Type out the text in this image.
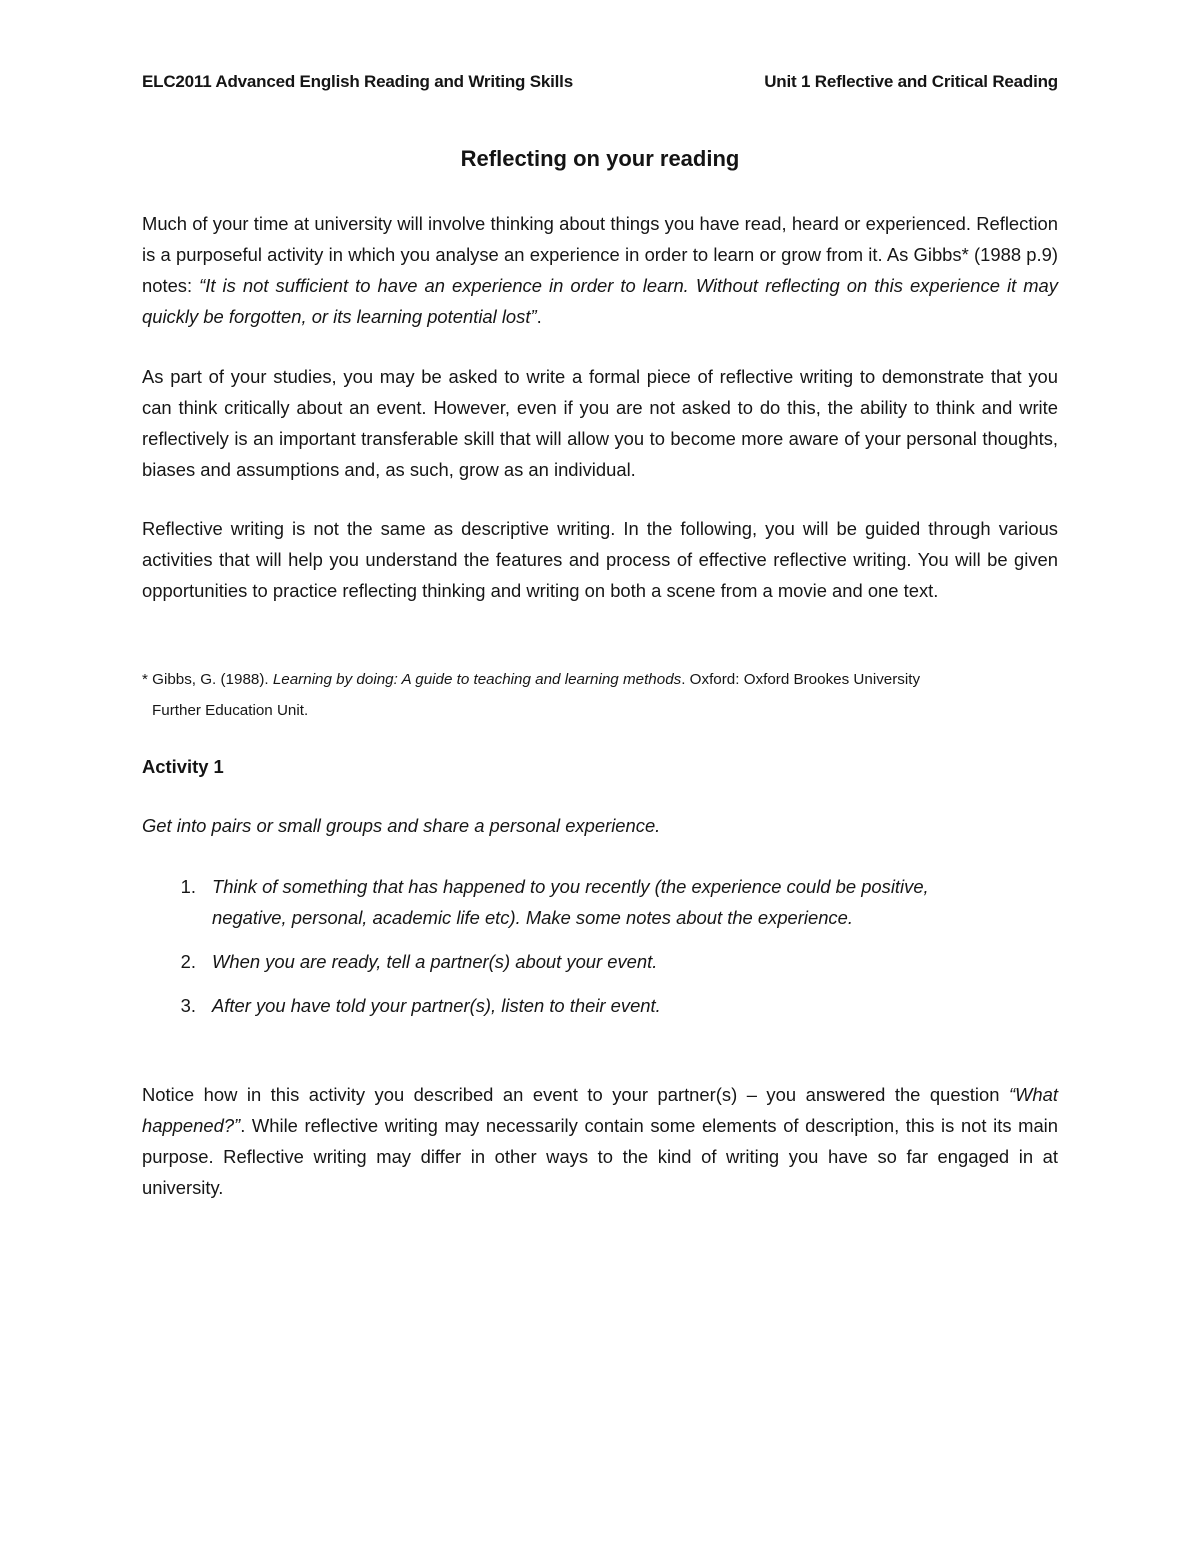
ELC2011 Advanced English Reading and Writing Skills	Unit 1 Reflective and Critical Reading
Reflecting on your reading

Much of your time at university will involve thinking about things you have read, heard or experienced. Reflection is a purposeful activity in which you analyse an experience in order to learn or grow from it. As Gibbs* (1988 p.9) notes: “It is not sufficient to have an experience in order to learn. Without reflecting on this experience it may quickly be forgotten, or its learning potential lost”.

As part of your studies, you may be asked to write a formal piece of reflective writing to demonstrate that you can think critically about an event. However, even if you are not asked to do this, the ability to think and write reflectively is an important transferable skill that will allow you to become more aware of your personal thoughts, biases and assumptions and, as such, grow as an individual.

Reflective writing is not the same as descriptive writing. In the following, you will be guided through various activities that will help you understand the features and process of effective reflective writing. You will be given opportunities to practice reflecting thinking and writing on both a scene from a movie and one text.

* Gibbs, G. (1988). Learning by doing: A guide to teaching and learning methods. Oxford: Oxford Brookes University
Further Education Unit.
Activity 1
Get into pairs or small groups and share a personal experience.
1. Think of something that has happened to you recently (the experience could be positive, negative, personal, academic life etc). Make some notes about the experience.
2. When you are ready, tell a partner(s) about your event.
3. After you have told your partner(s), listen to their event.

Notice how in this activity you described an event to your partner(s) – you answered the question “What happened?”. While reflective writing may necessarily contain some elements of description, this is not its main purpose. Reflective writing may differ in other ways to the kind of writing you have so far engaged in at university.
